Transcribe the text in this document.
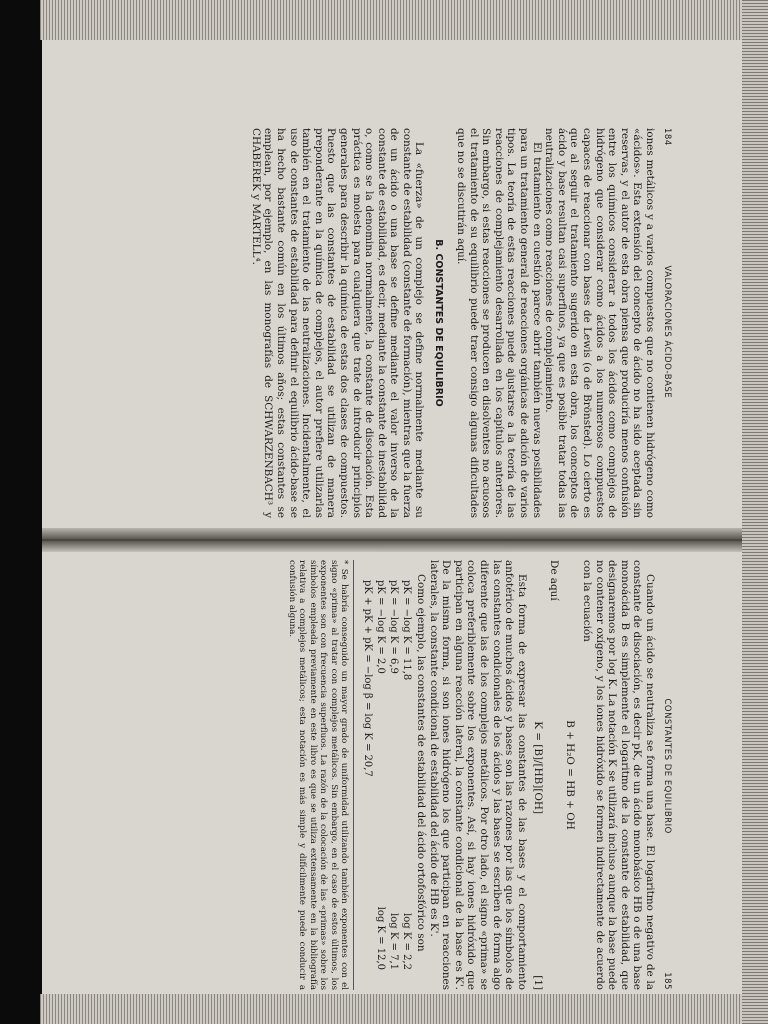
184
VALORACIONES ÁCIDO-BASE

iones metálicos y a varios compuestos que no contienen hidrógeno como «ácidos». Esta extensión del concepto de ácido no ha sido aceptada sin reservas, y el autor de esta obra piensa que produciría menos confusión entre los químicos considerar a todos los ácidos como complejos de hidrógeno que considerar como ácidos a los numerosos compuestos capaces de reaccionar con bases de Lewis (o de Brönsted). Lo cierto es que al seguir el tratamiento sugerido en esta obra, los conceptos de ácido y base resultan casi superfluos, ya que es posible tratar todas las neutralizaciones como reacciones de complejamiento.

El tratamiento en cuestión parece abrir también nuevas posibilidades para un tratamiento general de reacciones orgánicas de adición de varios tipos. La teoría de estas reacciones puede ajustarse a la teoría de las reacciones de complejamiento desarrollada en los capítulos anteriores. Sin embargo, si estas reacciones se producen en disolventes no acuosos el tratamiento de su equilibrio puede traer consigo algunas dificultades que no se discutirán aquí.

B. CONSTANTES DE EQUILIBRIO

La «fuerza» de un complejo se define normalmente mediante su constante de estabilidad (constante de formación), mientras que la fuerza de un ácido o una base se define mediante el valor inverso de la constante de estabilidad, es decir, mediante la constante de inestabilidad o, como se la denomina normalmente, la constante de disociación. Esta práctica es molesta para cualquiera que trate de introducir principios generales para describir la química de estas dos clases de compuestos. Puesto que las constantes de estabilidad se utilizan de manera preponderante en la química de complejos, el autor prefiere utilizarlas también en el tratamiento de las neutralizaciones. Incidentalmente, el uso de constantes de estabilidad para definir el equilibrio ácido-base se ha hecho bastante común en los últimos años; estas constantes se emplean, por ejemplo, en las monografías de SCHWARZENBACH³ y CHABEREK y MARTELL⁴.

CONSTANTES DE EQUILIBRIO
185

Cuando un ácido se neutraliza se forma una base. El logaritmo negativo de la constante de disociación, es decir pK, de un ácido monobásico HB o de una base monoácida B es simplemente el logaritmo de la constante de estabilidad, que designaremos por log K. La notación K se utilizará incluso aunque la base puede no contener oxígeno, y los iones hidróxido se formen indirectamente de acuerdo con la ecuación

B + H₂O = HB + OH

De aquí

K = [B]/[HB][OH]
[1]

Esta forma de expresar las constantes de las bases y el comportamiento anfotérico de muchos ácidos y bases son las razones por las que los símbolos de las constantes condicionales de los ácidos y las bases se escriben de forma algo diferente que las de los complejos metálicos. Por otro lado, el signo «prima» se coloca preferiblemente sobre los exponentes. Así, si hay iones hidróxido que participan en alguna reacción lateral, la constante condicional de la base es K'. De la misma forma, si son iones hidrógeno los que participan en reacciones laterales, la constante condicional de estabilidad del ácido de HB es K'.

Como ejemplo, las constantes de estabilidad del ácido ortofosfórico son

pK = −log K = 11,8
log K = 2,2
pK = −log K = 6,9
log K = 7,1
pK = −log K = 2,0
log K = 12,0
pK + pK + pK = −log β = log K = 20,7
* Se habría conseguido un mayor grado de uniformidad utilizando también exponentes con el signo «prima» al tratar con complejos metálicos. Sin embargo, en el caso de estos últimos, los exponentes son con frecuencia superfluos. La razón de la colocación de las «primas» sobre los símbolos empleada previamente en este libro es que se utiliza extensamente en la bibliografía relativa a complejos metálicos; esta notación es más simple y difícilmente puede conducir a confusión alguna.
